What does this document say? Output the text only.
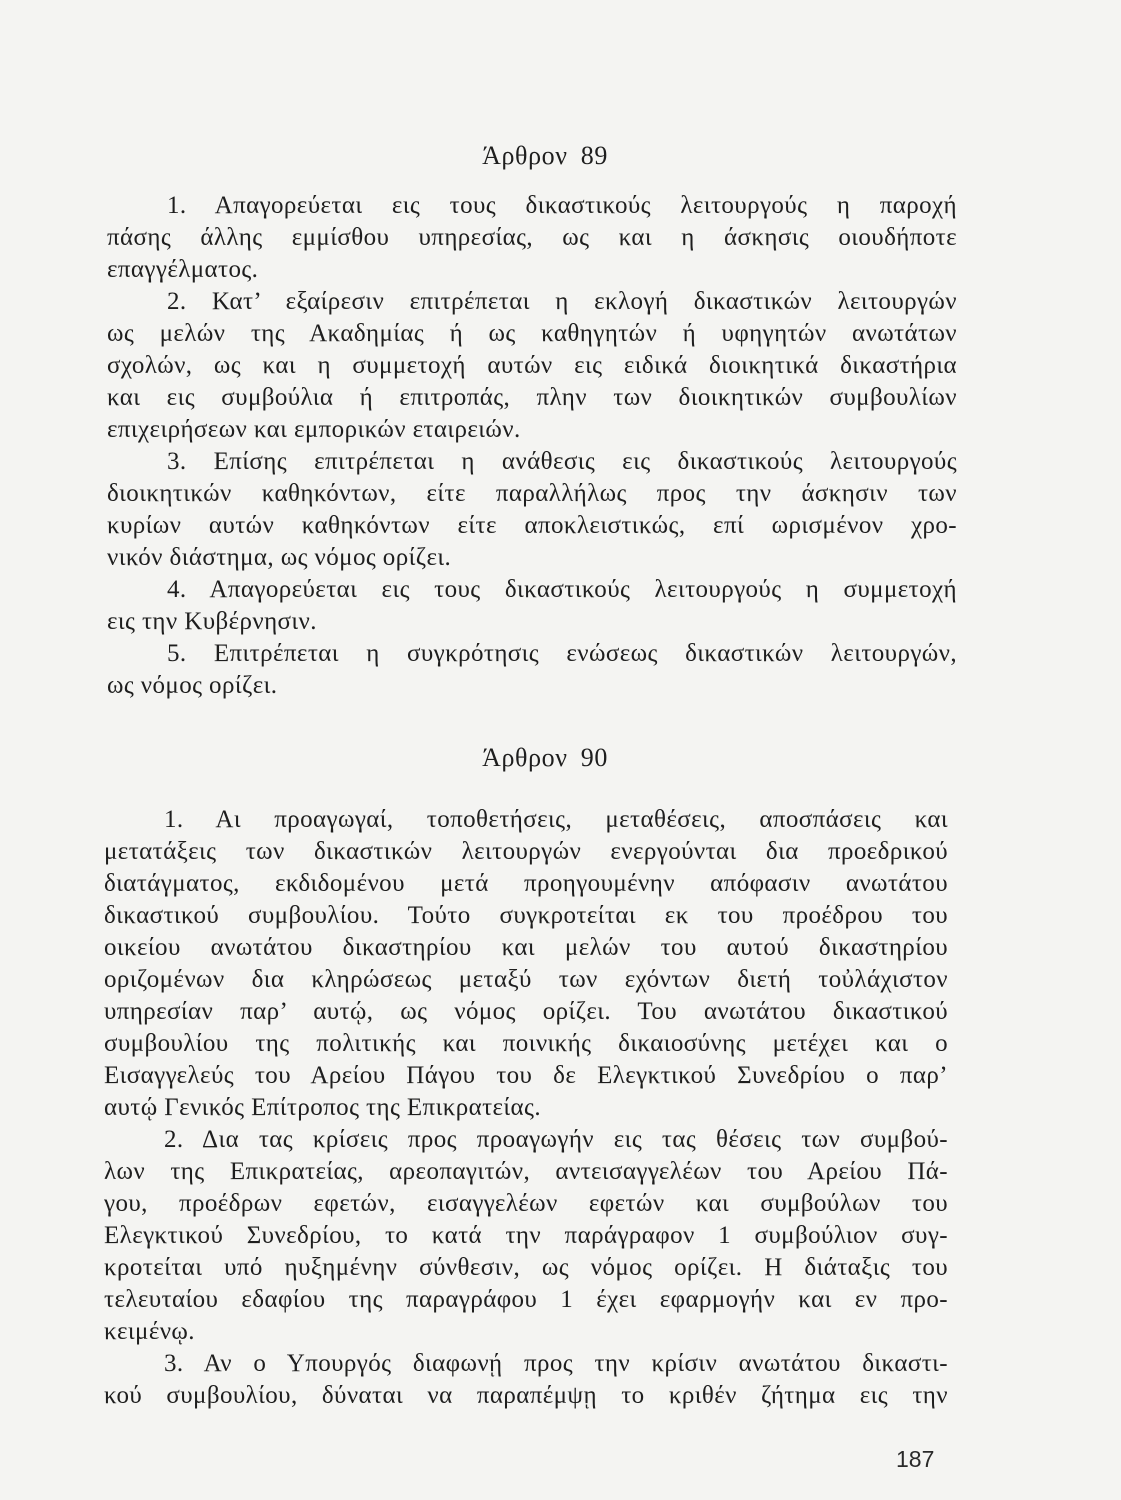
Άρθρον 89
1. Απαγορεύεται εις τους δικαστικούς λειτουργούς η παροχή
πάσης άλλης εμμίσθου υπηρεσίας, ως και η άσκησις οιουδήποτε
επαγγέλματος.
2. Κατ’ εξαίρεσιν επιτρέπεται η εκλογή δικαστικών λειτουργών
ως μελών της Ακαδημίας ή ως καθηγητών ή υφηγητών ανωτάτων
σχολών, ως και η συμμετοχή αυτών εις ειδικά διοικητικά δικαστήρια
και εις συμβούλια ή επιτροπάς, πλην των διοικητικών συμβουλίων
επιχειρήσεων και εμπορικών εταιρειών.
3. Επίσης επιτρέπεται η ανάθεσις εις δικαστικούς λειτουργούς
διοικητικών καθηκόντων, είτε παραλλήλως προς την άσκησιν των
κυρίων αυτών καθηκόντων είτε αποκλειστικώς, επί ωρισμένον χρο-
νικόν διάστημα, ως νόμος ορίζει.
4. Απαγορεύεται εις τους δικαστικούς λειτουργούς η συμμετοχή
εις την Κυβέρνησιν.
5. Επιτρέπεται η συγκρότησις ενώσεως δικαστικών λειτουργών,
ως νόμος ορίζει.
Άρθρον 90
1. Αι προαγωγαί, τοποθετήσεις, μεταθέσεις, αποσπάσεις και
μετατάξεις των δικαστικών λειτουργών ενεργούνται δια προεδρικού
διατάγματος, εκδιδομένου μετά προηγουμένην απόφασιν ανωτάτου
δικαστικού συμβουλίου. Τούτο συγκροτείται εκ του προέδρου του
οικείου ανωτάτου δικαστηρίου και μελών του αυτού δικαστηρίου
οριζομένων δια κληρώσεως μεταξύ των εχόντων διετή τοὐλάχιστον
υπηρεσίαν παρ’ αυτῴ, ως νόμος ορίζει. Του ανωτάτου δικαστικού
συμβουλίου της πολιτικής και ποινικής δικαιοσύνης μετέχει και ο
Εισαγγελεύς του Αρείου Πάγου του δε Ελεγκτικού Συνεδρίου ο παρ’
αυτῴ Γενικός Επίτροπος της Επικρατείας.
2. Δια τας κρίσεις προς προαγωγήν εις τας θέσεις των συμβού-
λων της Επικρατείας, αρεοπαγιτών, αντεισαγγελέων του Αρείου Πά-
γου, προέδρων εφετών, εισαγγελέων εφετών και συμβούλων του
Ελεγκτικού Συνεδρίου, το κατά την παράγραφον 1 συμβούλιον συγ-
κροτείται υπό ηυξημένην σύνθεσιν, ως νόμος ορίζει. Η διάταξις του
τελευταίου εδαφίου της παραγράφου 1 έχει εφαρμογήν και εν προ-
κειμένῳ.
3. Αν ο Υπουργός διαφωνῄ προς την κρίσιν ανωτάτου δικαστι-
κού συμβουλίου, δύναται να παραπέμψῃ το κριθέν ζήτημα εις την
187
